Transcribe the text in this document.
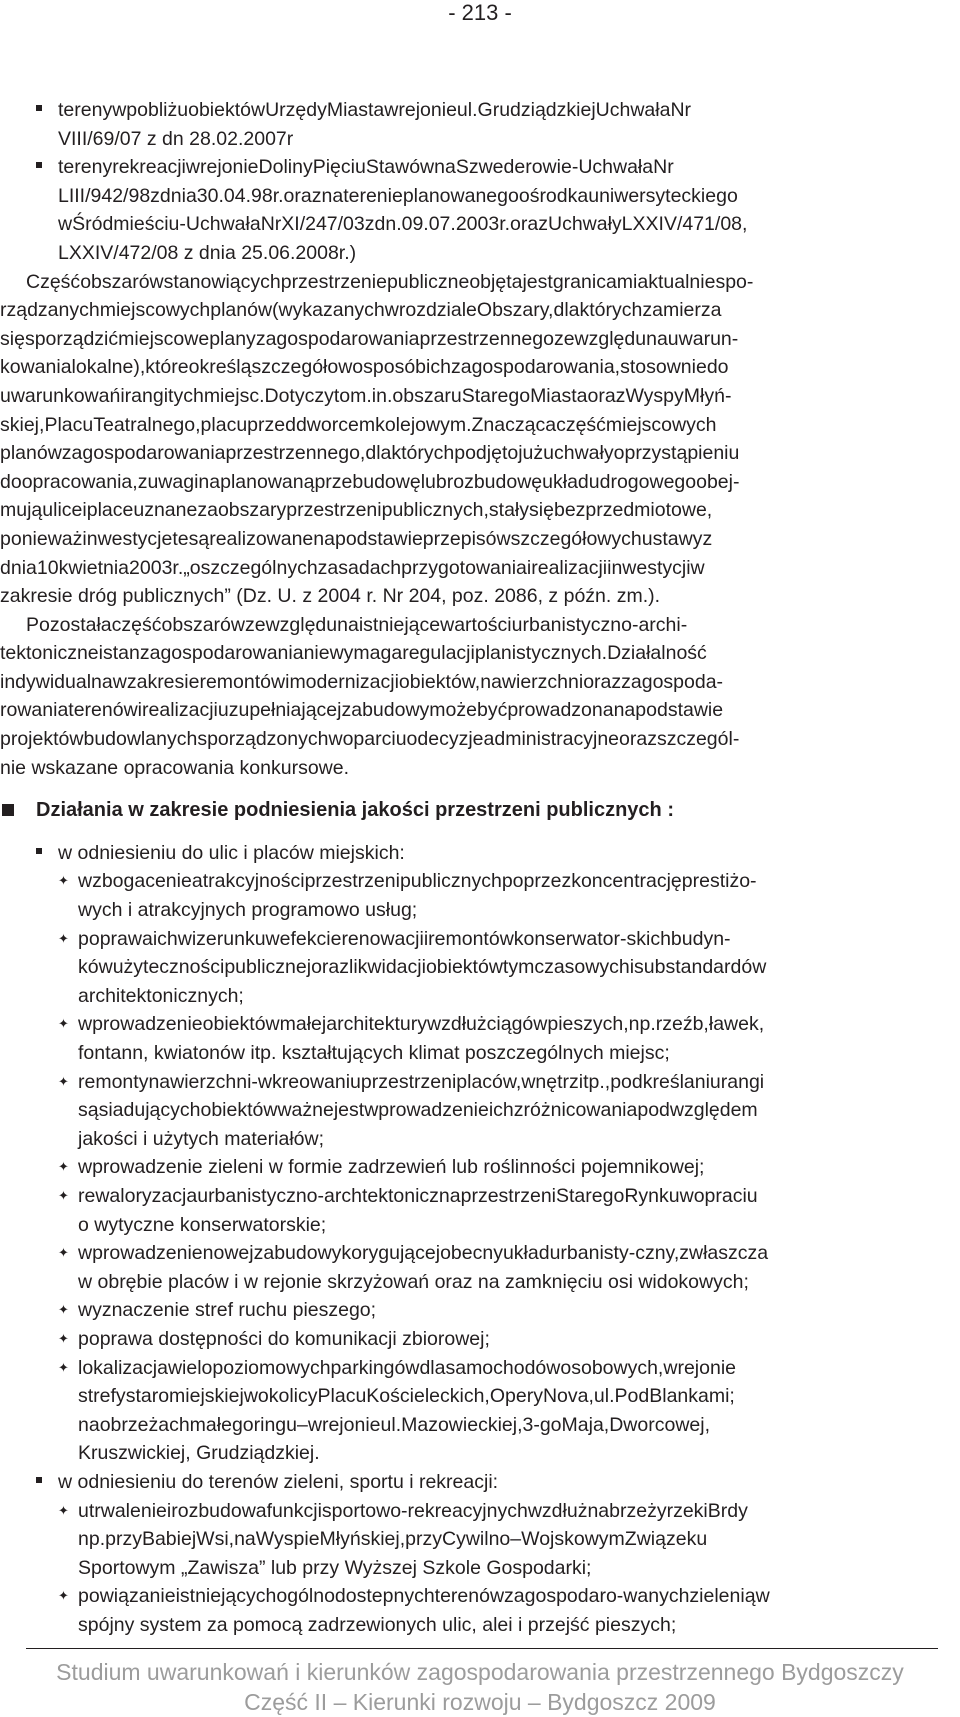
- 213 -
terenywpobliżuobiektówUrzędyMiastawrejonieul.GrudziądzkiejUchwałaNr
VIII/69/07 z dn 28.02.2007r
terenyrekreacjiwrejonieDolinyPięciuStawównaSzwederowie-UchwałaNr
LIII/942/98zdnia30.04.98r.oraznaterenieplanowanegoośrodkauniwersyteckiego
wŚródmieściu-UchwałaNrXI/247/03zdn.09.07.2003r.orazUchwałyLXXIV/471/08,
LXXIV/472/08 z dnia 25.06.2008r.)
Częśćobszarówstanowiącychprzestrzeniepubliczneobjętajestgranicamiaktualniespo-
rządzanychmiejscowychplanów(wykazanychwrozdzialeObszary,dlaktórychzamierza
sięsporządzićmiejscoweplanyzagospodarowaniaprzestrzennegozewzględunauwarun-
kowanialokalne),któreokreśląszczegółowosposóbichzagospodarowania,stosowniedo
uwarunkowańirangitychmiejsc.Dotyczytom.in.obszaruStaregoMiastaorazWyspyMłyń-
skiej,PlacuTeatralnego,placuprzeddworcemkolejowym.Znaczącaczęśćmiejscowych
planówzagospodarowaniaprzestrzennego,dlaktórychpodjętojużuchwałyoprzystąpieniu
doopracowania,zuwaginaplanowanąprzebudowęlubrozbudowęukładudrogowegoobej-
mująuliceiplaceuznanezaobszaryprzestrzenipublicznych,stałysiębezprzedmiotowe,
ponieważinwestycjetesąrealizowanenapodstawieprzepisówszczegółowychustawyz
dnia10kwietnia2003r.„oszczególnychzasadachprzygotowaniairealizacjiinwestycjiw
zakresie dróg publicznych” (Dz. U. z 2004 r. Nr 204, poz. 2086, z późn. zm.).
Pozostałaczęśćobszarówzewzględunaistniejącewartościurbanistyczno-archi-
tektoniczneistanzagospodarowanianiewymagaregulacjiplanistycznych.Działalność
indywidualnawzakresieremontówimodernizacjiobiektów,nawierzchniorazzagospoda-
rowaniaterenówirealizacjiuzupełniającejzabudowymożebyćprowadzonanapodstawie
projektówbudowlanychsporządzonychwoparciuodecyzjeadministracyjneorazszczegól-
nie wskazane opracowania konkursowe.
Działania w zakresie podniesienia jakości przestrzeni publicznych :
w odniesieniu do ulic i placów miejskich:
✦ wzbogacenieatrakcyjnościprzestrzenipublicznychpoprzezkoncentracjęprestiżo-
wych i atrakcyjnych programowo usług;
✦ poprawaichwizerunkuwefekcierenowacjiiremontówkonserwator-skichbudyn-
kówużytecznościpublicznejorazlikwidacjiobiektówtymczasowychisubstandardów
architektonicznych;
✦ wprowadzenieobiektówmałejarchitekturywzdłużciągówpieszych,np.rzeźb,ławek,
fontann, kwiatonów itp. kształtujących klimat poszczególnych miejsc;
✦ remontynawierzchni-wkreowaniuprzestrzeniplaców,wnętrzitp.,podkreślaniurangi
sąsiadującychobiektówważnejestwprowadzenieichzróżnicowaniapodwzględem
jakości i użytych materiałów;
✦ wprowadzenie zieleni w formie zadrzewień lub roślinności pojemnikowej;
✦ rewaloryzacjaurbanistyczno-archtektonicznaprzestrzeniStaregoRynkuwopraciu
o wytyczne konserwatorskie;
✦ wprowadzenienowejzabudowykorygującejobecnyukładurbanisty-czny,zwłaszcza
w obrębie placów i w rejonie skrzyżowań oraz na zamknięciu osi widokowych;
✦ wyznaczenie stref ruchu pieszego;
✦ poprawa dostępności do komunikacji zbiorowej;
✦ lokalizacjawielopoziomowychparkingówdlasamochodówosobowych,wrejonie
strefystaromiejskiejwokolicyPlacuKościeleckich,OperyNova,ul.PodBlankami;
naobrzeżachmałegoringu–wrejonieul.Mazowieckiej,3-goMaja,Dworcowej,
Kruszwickiej, Grudziądzkiej.
w odniesieniu do terenów zieleni, sportu i rekreacji:
✦ utrwalenieirozbudowafunkcjisportowo-rekreacyjnychwzdłużnabrzeżyrzekiBrdy
np.przyBabiejWsi,naWyspieMłyńskiej,przyCywilno–WojskowymZwiązeku
Sportowym „Zawisza” lub przy Wyższej Szkole Gospodarki;
✦ powiązanieistniejącychogólnodostepnychterenówzagospodaro-wanychzieleniąw
spójny system za pomocą zadrzewionych ulic, alei i przejść pieszych;
Studium uwarunkowań i kierunków zagospodarowania przestrzennego Bydgoszczy
Część II – Kierunki rozwoju – Bydgoszcz 2009
